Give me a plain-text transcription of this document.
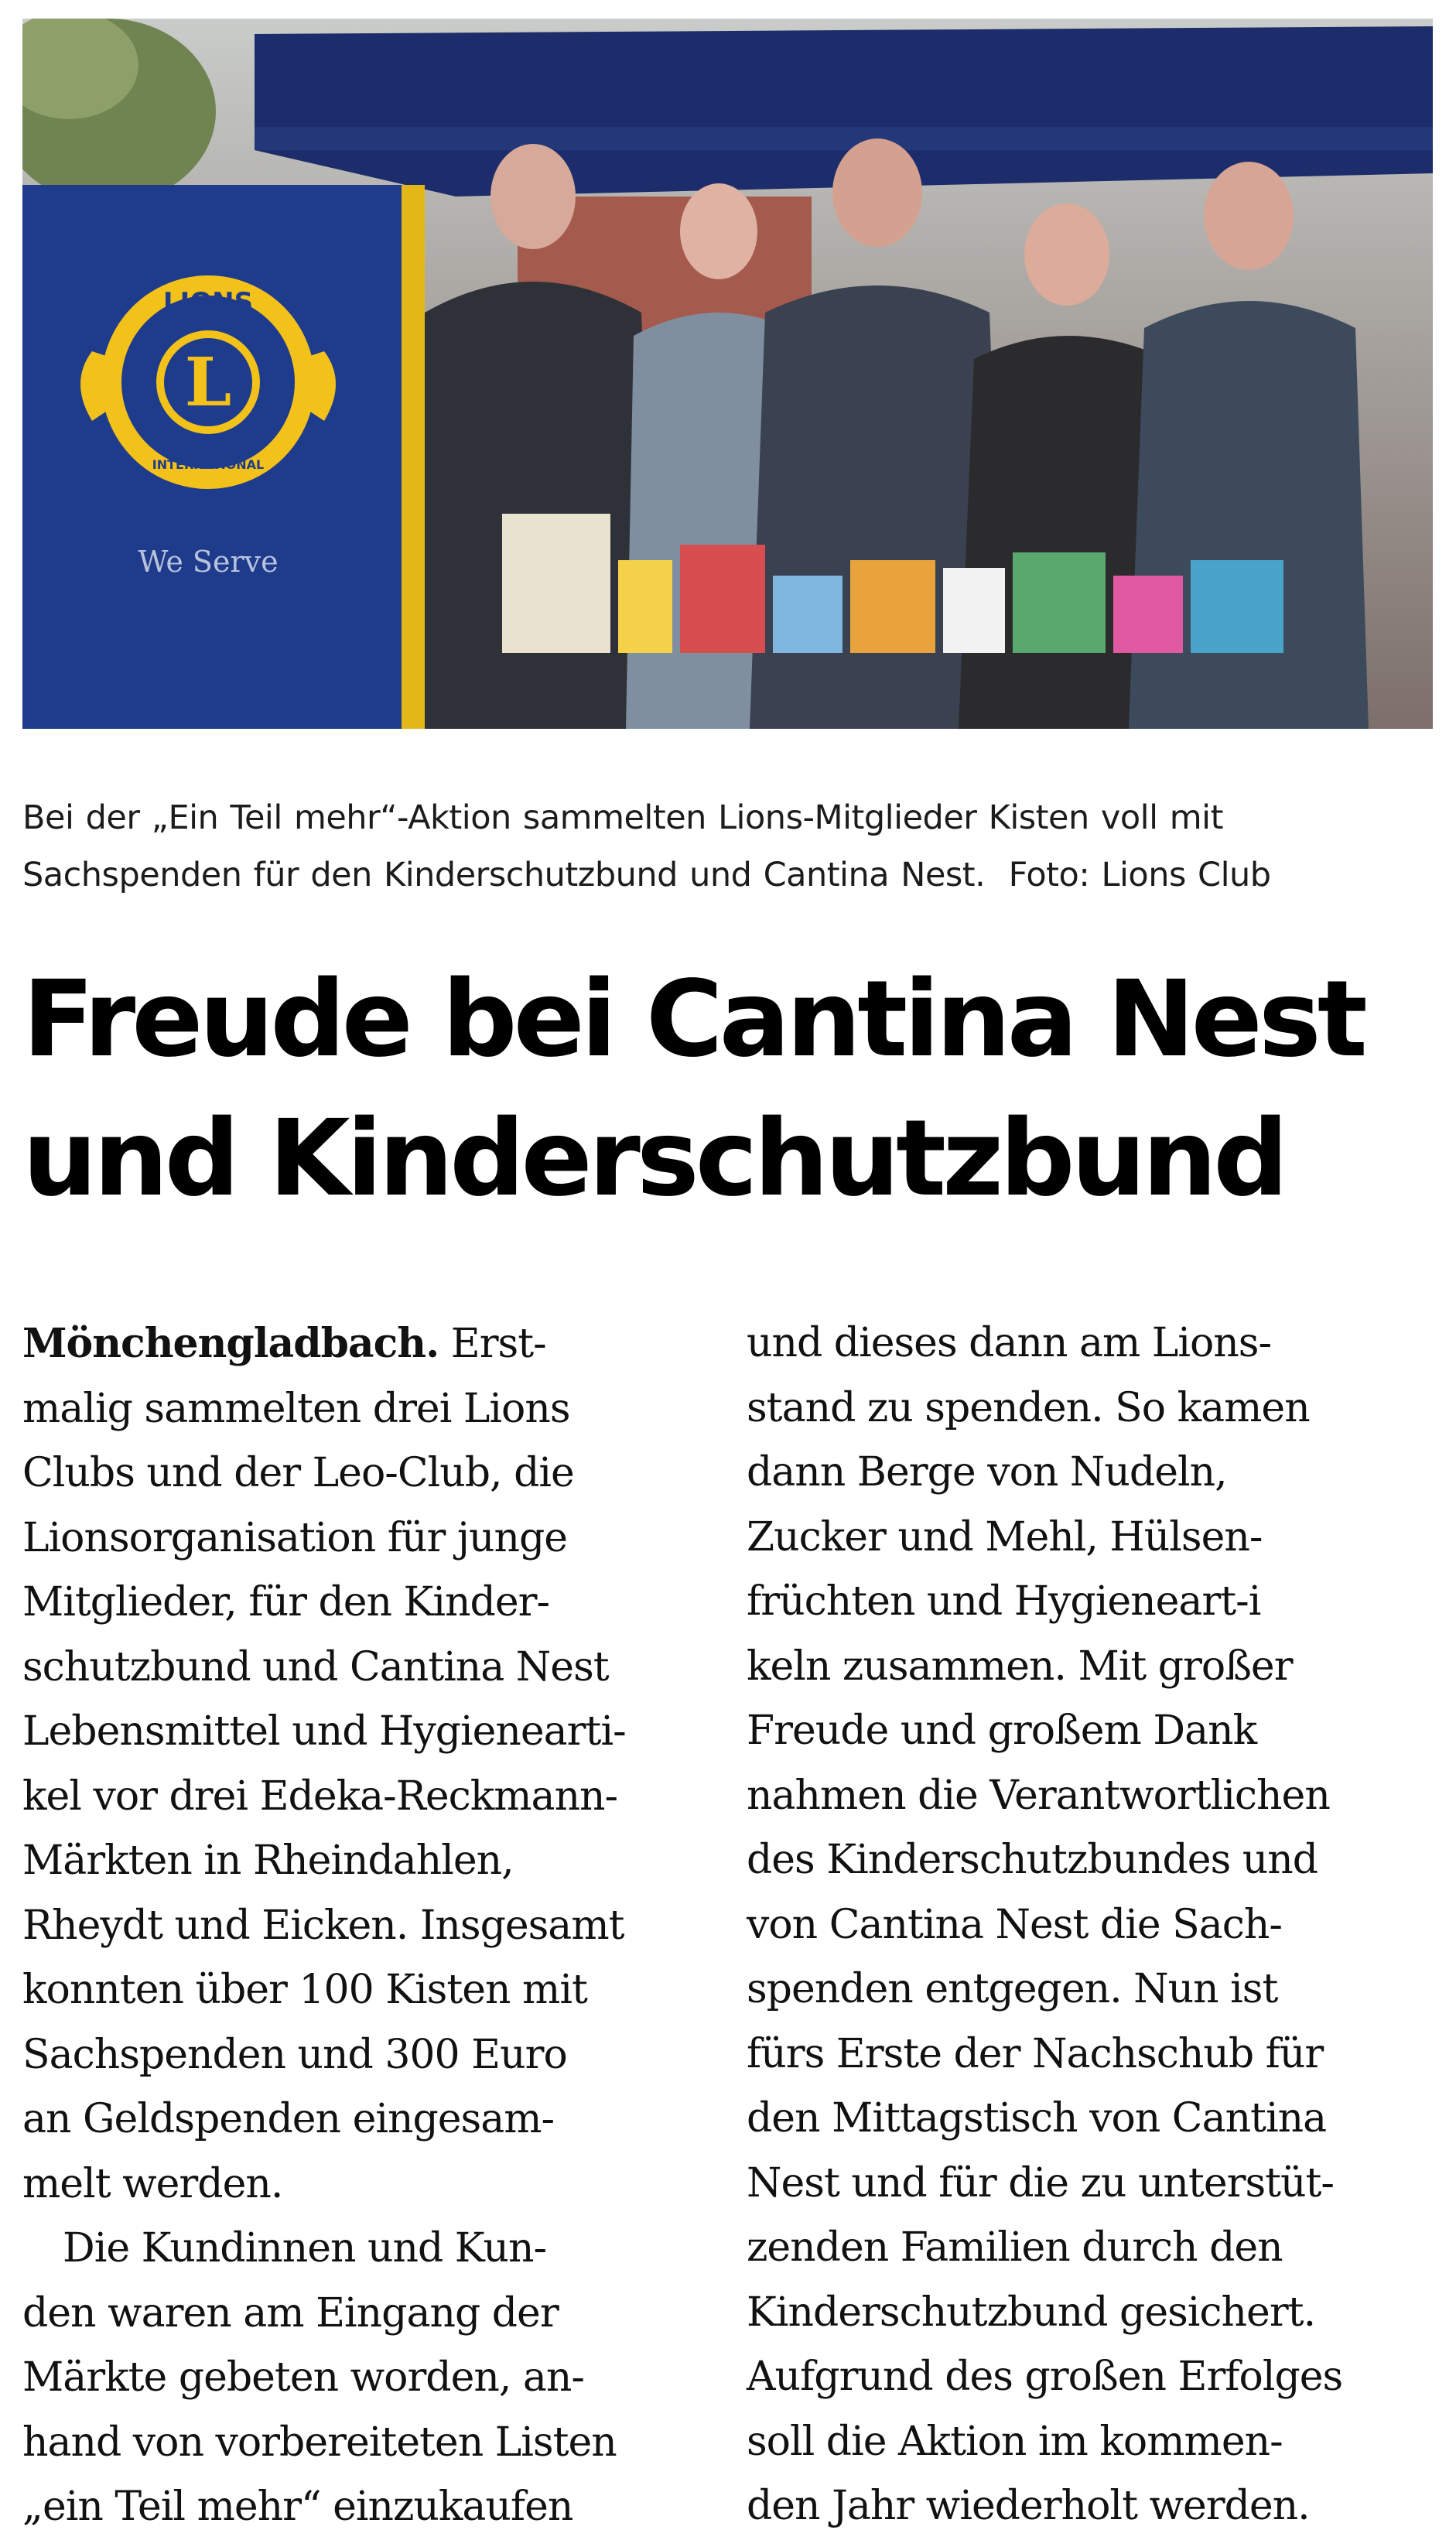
L
LIONS
INTERNATIONAL
We Serve
Bei der „Ein Teil mehr“-Aktion sammelten Lions-Mitglieder Kisten voll mit
Sachspenden für den Kinderschutzbund und Cantina Nest. Foto: Lions Club
Freude bei Cantina Nest
und Kinderschutzbund
Mönchengladbach. Erst-
malig sammelten drei Lions
Clubs und der Leo-Club, die
Lionsorganisation für junge
Mitglieder, für den Kinder-
schutzbund und Cantina Nest
Lebensmittel und Hygienearti-
kel vor drei Edeka-Reckmann-
Märkten in Rheindahlen,
Rheydt und Eicken. Insgesamt
konnten über 100 Kisten mit
Sachspenden und 300 Euro
an Geldspenden eingesam-
melt werden.
Die Kundinnen und Kun-
den waren am Eingang der
Märkte gebeten worden, an-
hand von vorbereiteten Listen
„ein Teil mehr“ einzukaufen
und dieses dann am Lions-
stand zu spenden. So kamen
dann Berge von Nudeln,
Zucker und Mehl, Hülsen-
früchten und Hygieneart-i
keln zusammen. Mit großer
Freude und großem Dank
nahmen die Verantwortlichen
des Kinderschutzbundes und
von Cantina Nest die Sach-
spenden entgegen. Nun ist
fürs Erste der Nachschub für
den Mittagstisch von Cantina
Nest und für die zu unterstüt-
zenden Familien durch den
Kinderschutzbund gesichert.
Aufgrund des großen Erfolges
soll die Aktion im kommen-
den Jahr wiederholt werden.
